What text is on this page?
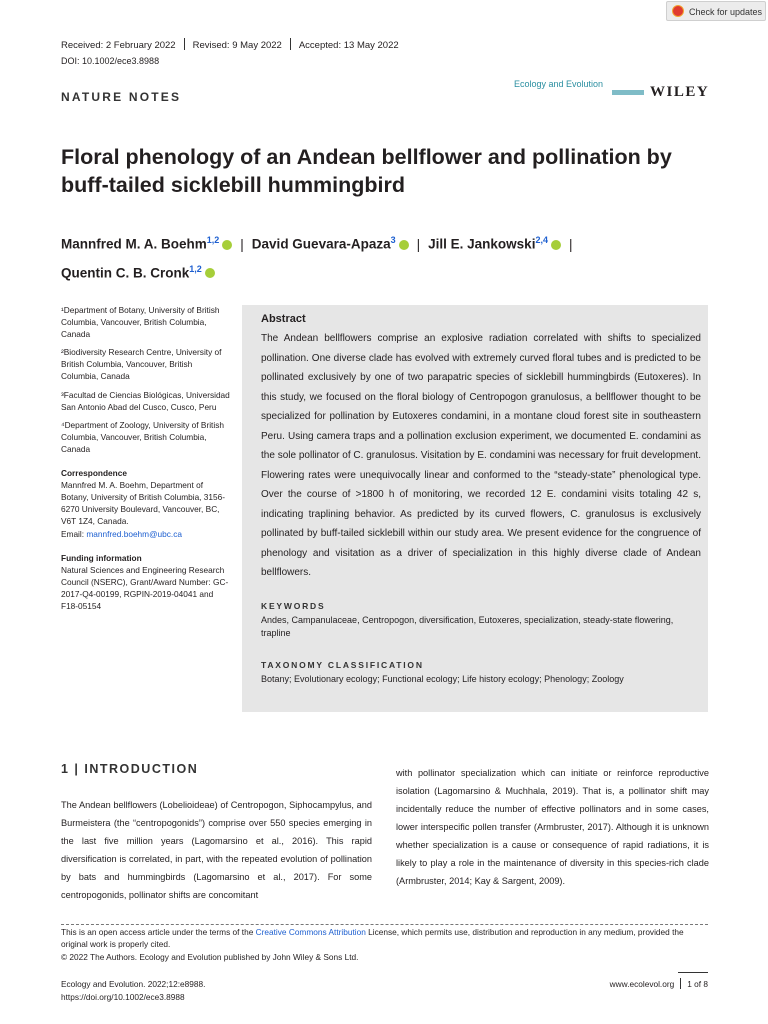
Check for updates
Received: 2 February 2022 Revised: 9 May 2022 Accepted: 13 May 2022
DOI: 10.1002/ece3.8988
NATURE NOTES
Ecology and Evolution	WILEY
Floral phenology of an Andean bellflower and pollination by buff-tailed sicklebill hummingbird
Mannfred M. A. Boehm$^{1,2}$ | David Guevara-Apaza$^3$ | Jill E. Jankowski$^{2,4}$ |
Quentin C. B. Cronk$^{1,2}$

¹Department of Botany, University of British Columbia, Vancouver, British Columbia, Canada

²Biodiversity Research Centre, University of British Columbia, Vancouver, British Columbia, Canada

³Facultad de Ciencias Biológicas, Universidad San Antonio Abad del Cusco, Cusco, Peru

⁴Department of Zoology, University of British Columbia, Vancouver, British Columbia, Canada

Correspondence

Mannfred M. A. Boehm, Department of Botany, University of British Columbia, 3156-6270 University Boulevard, Vancouver, BC, V6T 1Z4, Canada.

Email: mannfred.boehm@ubc.ca

Funding information

Natural Sciences and Engineering Research Council (NSERC), Grant/Award Number: GC-2017-Q4-00199, RGPIN-2019-04041 and F18-05154

Abstract

The Andean bellflowers comprise an explosive radiation correlated with shifts to specialized pollination. One diverse clade has evolved with extremely curved floral tubes and is predicted to be pollinated exclusively by one of two parapatric species of sicklebill hummingbirds (Eutoxeres). In this study, we focused on the floral biology of Centropogon granulosus, a bellflower thought to be specialized for pollination by Eutoxeres condamini, in a montane cloud forest site in southeastern Peru. Using camera traps and a pollination exclusion experiment, we documented E. condamini as the sole pollinator of C. granulosus. Visitation by E. condamini was necessary for fruit development. Flowering rates were unequivocally linear and conformed to the “steady-state” phenological type. Over the course of >1800 h of monitoring, we recorded 12 E. condamini visits totaling 42 s, indicating traplining behavior. As predicted by its curved flowers, C. granulosus is exclusively pollinated by buff-tailed sicklebill within our study area. We present evidence for the congruence of phenology and visitation as a driver of specialization in this highly diverse clade of Andean bellflowers.

KEYWORDS

Andes, Campanulaceae, Centropogon, diversification, Eutoxeres, specialization, steady-state flowering, trapline

TAXONOMY CLASSIFICATION

Botany; Evolutionary ecology; Functional ecology; Life history ecology; Phenology; Zoology

1 | INTRODUCTION
The Andean bellflowers (Lobelioideae) of Centropogon, Siphocampylus, and Burmeistera (the “centropogonids”) comprise over 550 species emerging in the last five million years (Lagomarsino et al., 2016). This rapid diversification is correlated, in part, with the repeated evolution of pollination by bats and hummingbirds (Lagomarsino et al., 2017). For some centropogonids, pollinator shifts are concomitant
with pollinator specialization which can initiate or reinforce reproductive isolation (Lagomarsino & Muchhala, 2019). That is, a pollinator shift may incidentally reduce the number of effective pollinators and in some cases, lower interspecific pollen transfer (Armbruster, 2017). Although it is unknown whether specialization is a cause or consequence of rapid radiations, it is likely to play a role in the maintenance of diversity in this species-rich clade (Armbruster, 2014; Kay & Sargent, 2009).

This is an open access article under the terms of the Creative Commons Attribution License, which permits use, distribution and reproduction in any medium, provided the original work is properly cited.

© 2022 The Authors. Ecology and Evolution published by John Wiley & Sons Ltd.

Ecology and Evolution. 2022;12:e8988.
https://doi.org/10.1002/ece3.8988
www.ecolevol.org 1 of 8
